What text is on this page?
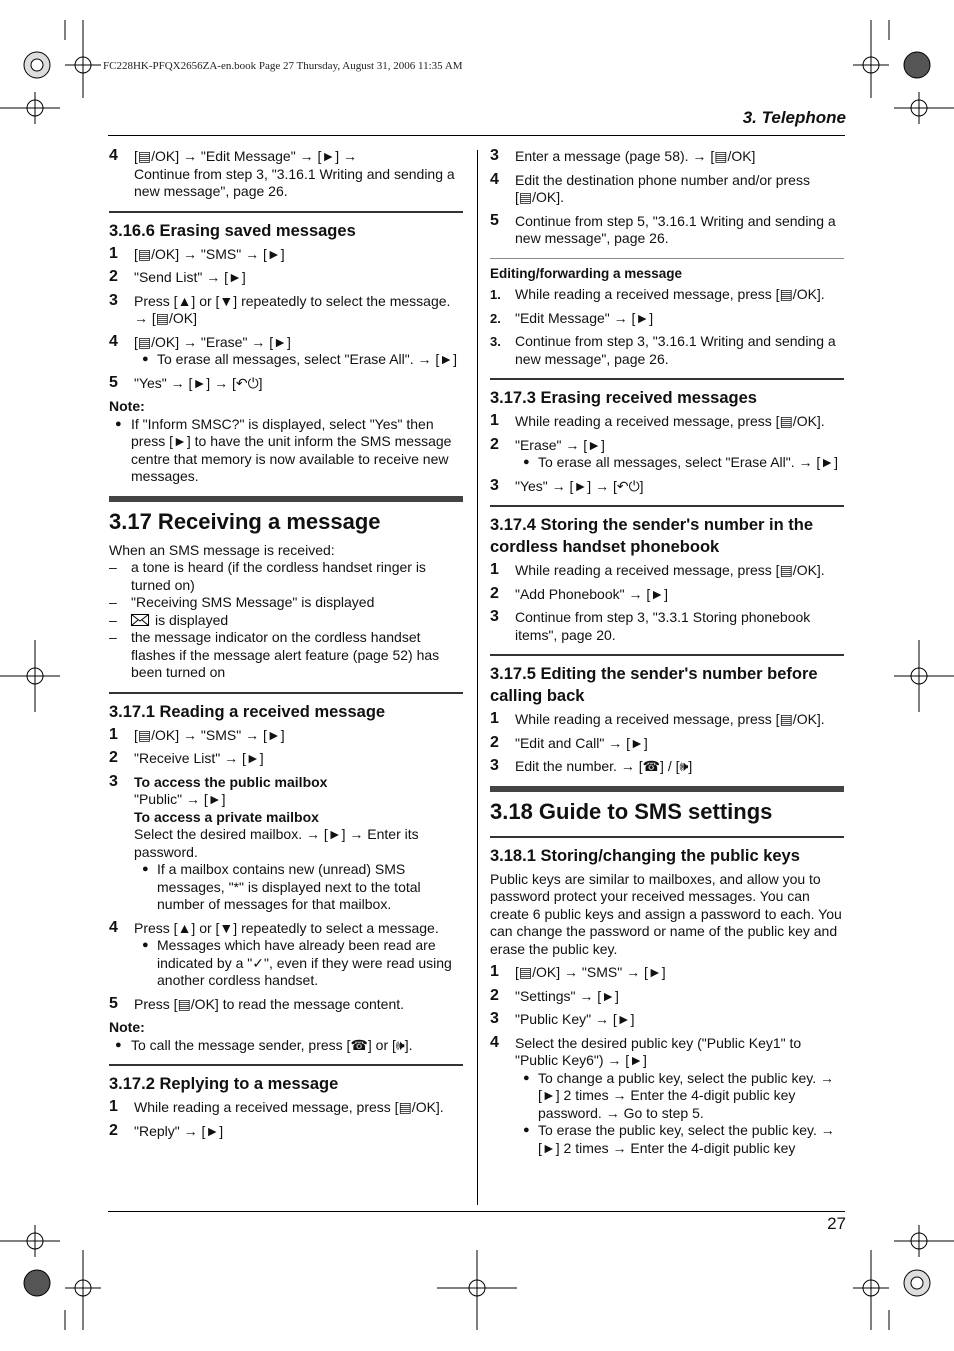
FC228HK-PFQX2656ZA-en.book Page 27 Thursday, August 31, 2006 11:35 AM
3. Telephone
27
4 [▤/OK] → "Edit Message" → [►] →
Continue from step 3, "3.16.1 Writing and sending a new message", page 26.
3.16.6 Erasing saved messages
1 [▤/OK] → "SMS" → [►]
2 "Send List" → [►]
3 Press [▲] or [▼] repeatedly to select the message. → [▤/OK]
4 [▤/OK] → "Erase" → [►]
● To erase all messages, select "Erase All". → [►]
5 "Yes" → [►] → [↶⏻]
Note:
● If "Inform SMSC?" is displayed, select "Yes" then press [►] to have the unit inform the SMS message centre that memory is now available to receive new messages.
3.17 Receiving a message
When an SMS message is received:
– a tone is heard (if the cordless handset ringer is turned on)
– "Receiving SMS Message" is displayed
–	is displayed
– the message indicator on the cordless handset flashes if the message alert feature (page 52) has been turned on
3.17.1 Reading a received message
1 [▤/OK] → "SMS" → [►]
2 "Receive List" → [►]
3 To access the public mailbox
"Public" → [►]
To access a private mailbox
Select the desired mailbox. → [►] → Enter its password.
● If a mailbox contains new (unread) SMS messages, "*" is displayed next to the total number of messages for that mailbox.
4 Press [▲] or [▼] repeatedly to select a message.
● Messages which have already been read are indicated by a "✓", even if they were read using another cordless handset.
5 Press [▤/OK] to read the message content.
Note:
● To call the message sender, press [☎] or [🕪].
3.17.2 Replying to a message
1 While reading a received message, press [▤/OK].
2 "Reply" → [►]
3 Enter a message (page 58). → [▤/OK]
4 Edit the destination phone number and/or press [▤/OK].
5 Continue from step 5, "3.16.1 Writing and sending a new message", page 26.
Editing/forwarding a message
1. While reading a received message, press [▤/OK].
2. "Edit Message" → [►]
3. Continue from step 3, "3.16.1 Writing and sending a new message", page 26.
3.17.3 Erasing received messages
1 While reading a received message, press [▤/OK].
2 "Erase" → [►]
● To erase all messages, select "Erase All". → [►]
3 "Yes" → [►] → [↶⏻]
3.17.4 Storing the sender's number in the cordless handset phonebook
1 While reading a received message, press [▤/OK].
2 "Add Phonebook" → [►]
3 Continue from step 3, "3.3.1 Storing phonebook items", page 20.
3.17.5 Editing the sender's number before calling back
1 While reading a received message, press [▤/OK].
2 "Edit and Call" → [►]
3 Edit the number. → [☎] / [🕪]
3.18 Guide to SMS settings
3.18.1 Storing/changing the public keys
Public keys are similar to mailboxes, and allow you to password protect your received messages. You can create 6 public keys and assign a password to each. You can change the password or name of the public key and erase the public key.
1 [▤/OK] → "SMS" → [►]
2 "Settings" → [►]
3 "Public Key" → [►]
4 Select the desired public key ("Public Key1" to "Public Key6") → [►]
● To change a public key, select the public key. → [►] 2 times → Enter the 4-digit public key password. → Go to step 5.
● To erase the public key, select the public key. → [►] 2 times → Enter the 4-digit public key
